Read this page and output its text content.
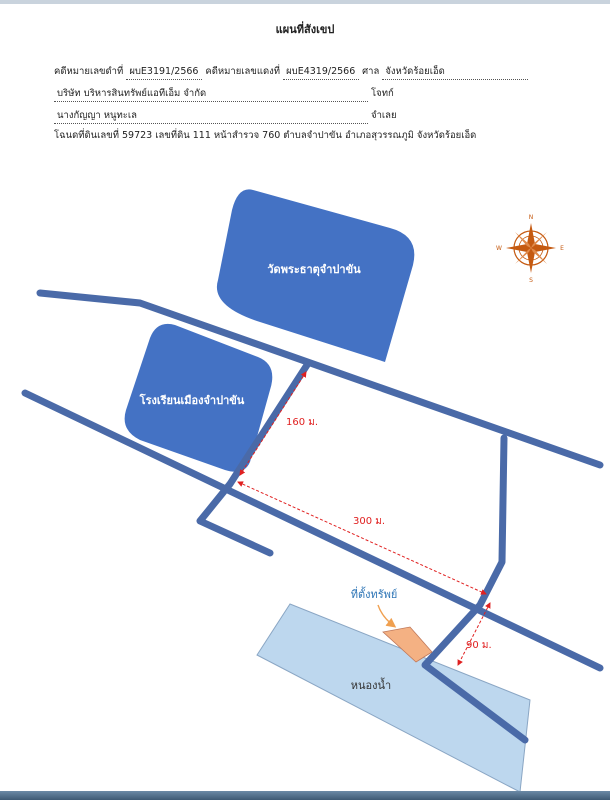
แผนที่สังเขป
คดีหมายเลขดำที่ ผบE3191/2566 คดีหมายเลขแดงที่ ผบE4319/2566 ศาล จังหวัดร้อยเอ็ด
บริษัท บริหารสินทรัพย์แอทีเอ็ม จำกัด	โจทก์
นางกัญญา หนูทะเล	จำเลย
โฉนดที่ดินเลขที่ 59723 เลขที่ดิน 111 หน้าสำรวจ 760 ตำบลจำปาขัน อำเภอสุวรรณภูมิ จังหวัดร้อยเอ็ด
วัดพระธาตุจำปาขัน
โรงเรียนเมืองจำปาขัน
หนองน้ำ
ที่ตั้งทรัพย์
160 ม.
300 ม.
90 ม.
N
S
E
W
